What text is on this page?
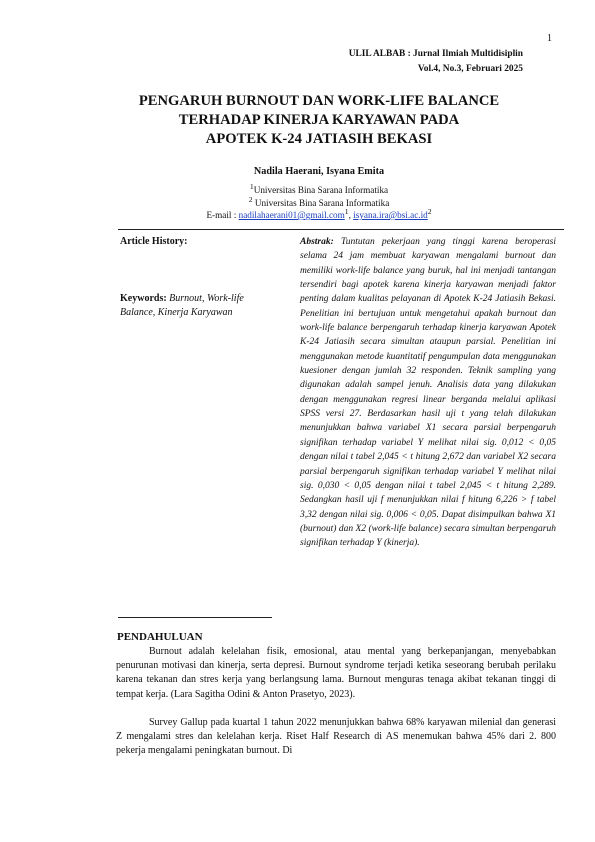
1
ULIL ALBAB : Jurnal Ilmiah Multidisiplin
Vol.4, No.3, Februari 2025
PENGARUH BURNOUT DAN WORK-LIFE BALANCE
TERHADAP KINERJA KARYAWAN PADA
APOTEK K-24 JATIASIH BEKASI
Nadila Haerani, Isyana Emita
$^1$Universitas Bina Sarana Informatika
$^2$ Universitas Bina Sarana Informatika
E-mail : nadilahaerani01@gmail.com$^1$, $isyana.ira@bsi.ac.id^2$
Article History:
Keywords: Burnout, Work-life Balance, Kinerja Karyawan
Abstrak: Tuntutan pekerjaan yang tinggi karena beroperasi selama 24 jam membuat karyawan mengalami burnout dan memiliki work-life balance yang buruk, hal ini menjadi tantangan tersendiri bagi apotek karena kinerja karyawan menjadi faktor penting dalam kualitas pelayanan di Apotek K-24 Jatiasih Bekasi. Penelitian ini bertujuan untuk mengetahui apakah burnout dan work-life balance berpengaruh terhadap kinerja karyawan Apotek K-24 Jatiasih secara simultan ataupun parsial. Penelitian ini menggunakan metode kuantitatif pengumpulan data menggunakan kuesioner dengan jumlah 32 responden. Teknik sampling yang digunakan adalah sampel jenuh. Analisis data yang dilakukan dengan menggunakan regresi linear berganda melalui aplikasi SPSS versi 27. Berdasarkan hasil uji t yang telah dilakukan menunjukkan bahwa variabel X1 secara parsial berpengaruh signifikan terhadap variabel Y melihat nilai sig. 0,012 < 0,05 dengan nilai t tabel 2,045 < t hitung 2,672 dan variabel X2 secara parsial berpengaruh signifikan terhadap variabel Y melihat nilai sig. 0,030 < 0,05 dengan nilai t tabel 2,045 < t hitung 2,289. Sedangkan hasil uji f menunjukkan nilai f hitung 6,226 > f tabel 3,32 dengan nilai sig. 0,006 < 0,05. Dapat disimpulkan bahwa X1 (burnout) dan X2 (work-life balance) secara simultan berpengaruh signifikan terhadap Y (kinerja).
PENDAHULUAN

Burnout adalah kelelahan fisik, emosional, atau mental yang berkepanjangan, menyebabkan penurunan motivasi dan kinerja, serta depresi. Burnout syndrome terjadi ketika seseorang berubah perilaku karena tekanan dan stres kerja yang berlangsung lama. Burnout menguras tenaga akibat tekanan tinggi di tempat kerja. (Lara Sagitha Odini & Anton Prasetyo, 2023).

Survey Gallup pada kuartal 1 tahun 2022 menunjukkan bahwa 68% karyawan milenial dan generasi Z mengalami stres dan kelelahan kerja. Riset Half Research di AS menemukan bahwa 45% dari 2. 800 pekerja mengalami peningkatan burnout. Di
